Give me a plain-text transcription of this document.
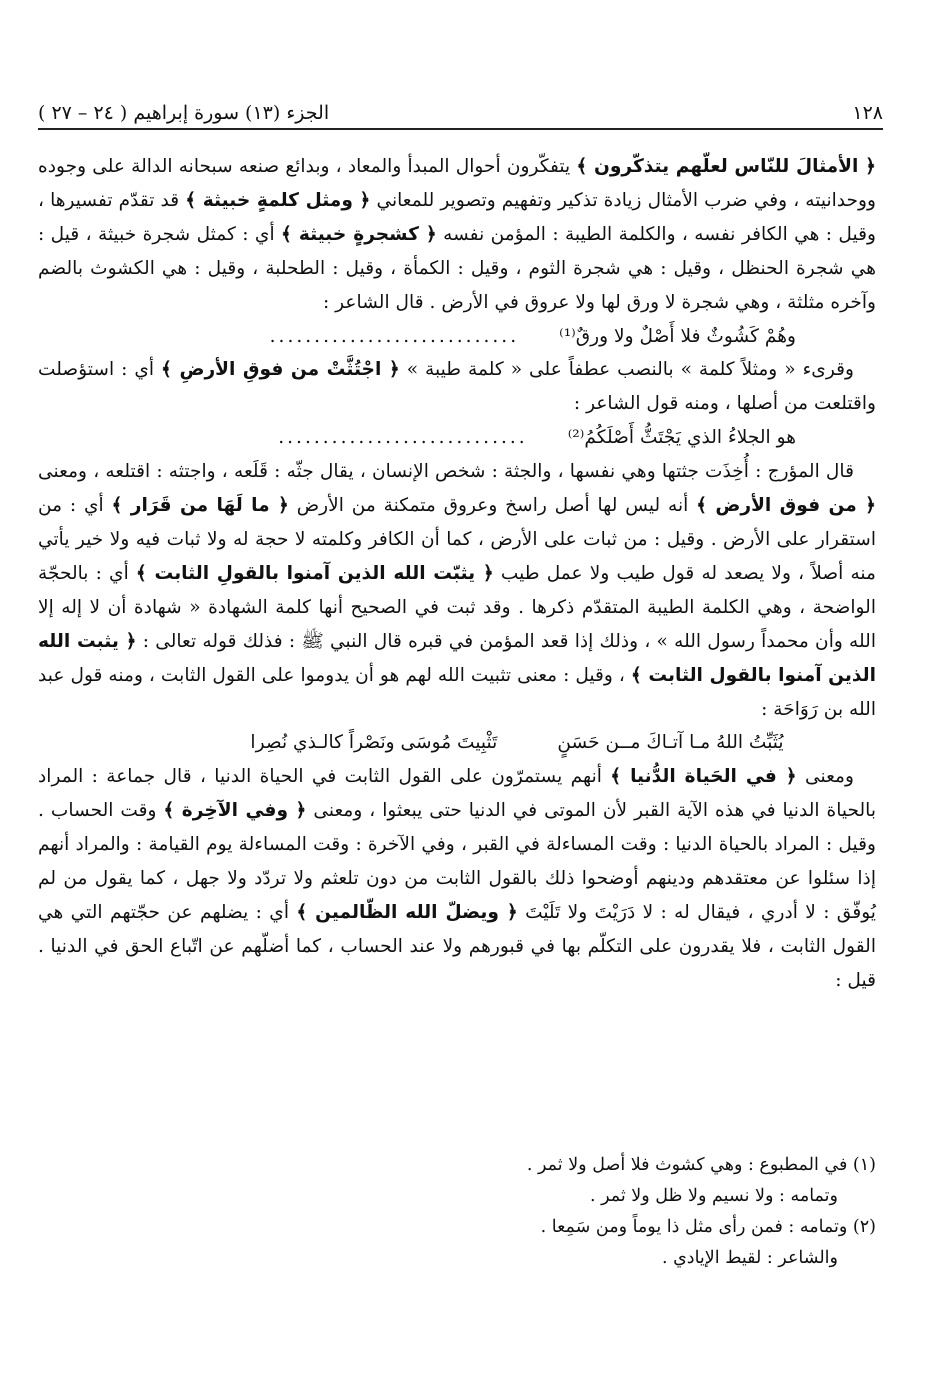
١٢٨
الجزء (١٣) سورة إبراهيم ( ٢٤ – ٢٧ )

﴿ الأمثالَ للنّاس لعلّهم يتذكّرون ﴾ يتفكّرون أحوال المبدأ والمعاد ، وبدائع صنعه سبحانه الدالة على وجوده ووحدانيته ، وفي ضرب الأمثال زيادة تذكير وتفهيم وتصوير للمعاني ﴿ ومثل كلمةٍ خبيثة ﴾ قد تقدّم تفسيرها ، وقيل : هي الكافر نفسه ، والكلمة الطيبة : المؤمن نفسه ﴿ كشجرةٍ خبيثة ﴾ أي : كمثل شجرة خبيثة ، قيل : هي شجرة الحنظل ، وقيل : هي شجرة الثوم ، وقيل : الكمأة ، وقيل : الطحلبة ، وقيل : هي الكشوث بالضم وآخره مثلثة ، وهي شجرة لا ورق لها ولا عروق في الأرض . قال الشاعر :

وهُمْ كَشُوثٌ فلا أَصْلٌ ولا ورقٌ⁽¹⁾
............................

وقرىء « ومثلاً كلمة » بالنصب عطفاً على « كلمة طيبة » ﴿ اجْتُثَّتْ من فوقِ الأرضِ ﴾ أي : استؤصلت واقتلعت من أصلها ، ومنه قول الشاعر :

هو الجلاءُ الذي يَجْتَثُّ أَصْلَكُمُ⁽²⁾
............................

قال المؤرج : أُخِذَت جثتها وهي نفسها ، والجثة : شخص الإنسان ، يقال جثّه : قَلَعه ، واجتثه : اقتلعه ، ومعنى ﴿ من فوق الأرض ﴾ أنه ليس لها أصل راسخ وعروق متمكنة من الأرض ﴿ ما لَهَا من قَرَار ﴾ أي : من استقرار على الأرض . وقيل : من ثبات على الأرض ، كما أن الكافر وكلمته لا حجة له ولا ثبات فيه ولا خير يأتي منه أصلاً ، ولا يصعد له قول طيب ولا عمل طيب ﴿ يثبّت الله الذين آمنوا بالقولِ الثابت ﴾ أي : بالحجّة الواضحة ، وهي الكلمة الطيبة المتقدّم ذكرها . وقد ثبت في الصحيح أنها كلمة الشهادة « شهادة أن لا إله إلا الله وأن محمداً رسول الله » ، وذلك إذا قعد المؤمن في قبره قال النبي ﷺ : فذلك قوله تعالى : ﴿ يثبت الله الذين آمنوا بالقول الثابت ﴾ ، وقيل : معنى تثبيت الله لهم هو أن يدوموا على القول الثابت ، ومنه قول عبد الله بن رَوَاحَة :

يُثَبِّتُ اللهُ مـا آتـاكَ مــن حَسَنٍ
تَثْبِيتَ مُوسَى ونَصْراً كالـذي نُصِرا

ومعنى ﴿ في الحَياة الدُّنيا ﴾ أنهم يستمرّون على القول الثابت في الحياة الدنيا ، قال جماعة : المراد بالحياة الدنيا في هذه الآية القبر لأن الموتى في الدنيا حتى يبعثوا ، ومعنى ﴿ وفي الآخِرة ﴾ وقت الحساب . وقيل : المراد بالحياة الدنيا : وقت المساءلة في القبر ، وفي الآخرة : وقت المساءلة يوم القيامة : والمراد أنهم إذا سئلوا عن معتقدهم ودينهم أوضحوا ذلك بالقول الثابت من دون تلعثم ولا تردّد ولا جهل ، كما يقول من لم يُوفّق : لا أدري ، فيقال له : لا دَرَيْتَ ولا تَلَيْتَ ﴿ ويضلّ الله الظّالمين ﴾ أي : يضلهم عن حجّتهم التي هي القول الثابت ، فلا يقدرون على التكلّم بها في قبورهم ولا عند الحساب ، كما أضلّهم عن اتّباع الحق في الدنيا . قيل :

(١) في المطبوع : وهي كشوث فلا أصل ولا ثمر .

وتمامه : ولا نسيم ولا ظل ولا ثمر .

(٢) وتمامه : فمن رأى مثل ذا يوماً ومن سَمِعا .

والشاعر : لقيط الإيادي .
